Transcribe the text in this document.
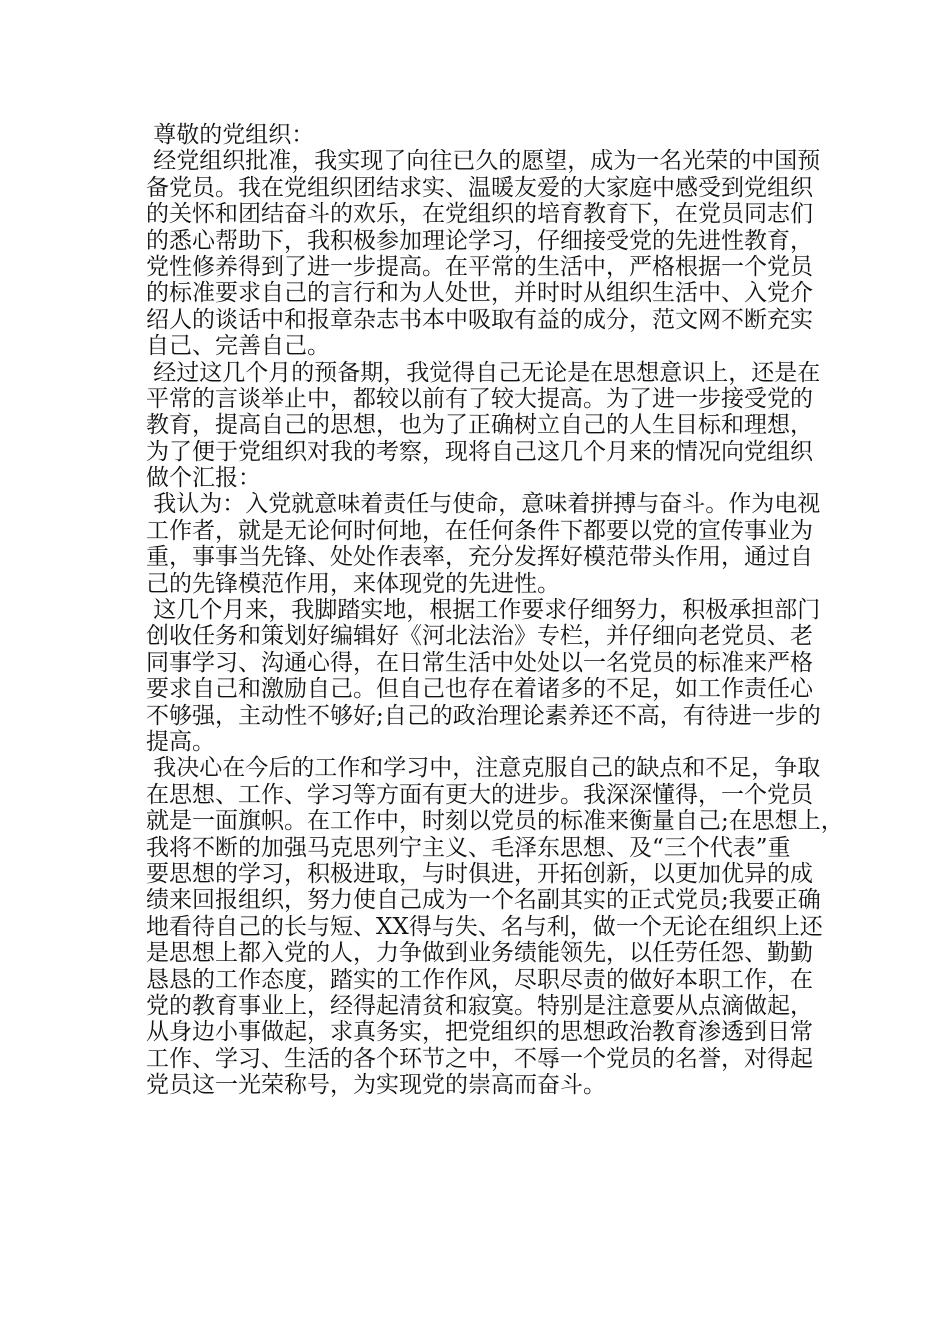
尊敬的党组织：
经党组织批准，我实现了向往已久的愿望，成为一名光荣的中国预
备党员。我在党组织团结求实、温暖友爱的大家庭中感受到党组织
的关怀和团结奋斗的欢乐，在党组织的培育教育下，在党员同志们
的悉心帮助下，我积极参加理论学习，仔细接受党的先进性教育，
党性修养得到了进一步提高。在平常的生活中，严格根据一个党员
的标准要求自己的言行和为人处世，并时时从组织生活中、入党介
绍人的谈话中和报章杂志书本中吸取有益的成分，范文网不断充实
自己、完善自己。
经过这几个月的预备期，我觉得自己无论是在思想意识上，还是在
平常的言谈举止中，都较以前有了较大提高。为了进一步接受党的
教育，提高自己的思想，也为了正确树立自己的人生目标和理想，
为了便于党组织对我的考察，现将自己这几个月来的情况向党组织
做个汇报：
我认为：入党就意味着责任与使命，意味着拼搏与奋斗。作为电视
工作者，就是无论何时何地，在任何条件下都要以党的宣传事业为
重，事事当先锋、处处作表率，充分发挥好模范带头作用，通过自
己的先锋模范作用，来体现党的先进性。
这几个月来，我脚踏实地，根据工作要求仔细努力，积极承担部门
创收任务和策划好编辑好《河北法治》专栏，并仔细向老党员、老
同事学习、沟通心得，在日常生活中处处以一名党员的标准来严格
要求自己和激励自己。但自己也存在着诸多的不足，如工作责任心
不够强，主动性不够好;自己的政治理论素养还不高，有待进一步的
提高。
我决心在今后的工作和学习中，注意克服自己的缺点和不足，争取
在思想、工作、学习等方面有更大的进步。我深深懂得，一个党员
就是一面旗帜。在工作中，时刻以党员的标准来衡量自己;在思想上，
我将不断的加强马克思列宁主义、毛泽东思想、及“三个代表”重
要思想的学习，积极进取，与时俱进，开拓创新，以更加优异的成
绩来回报组织，努力使自己成为一个名副其实的正式党员;我要正确
地看待自己的长与短、XX得与失、名与利，做一个无论在组织上还
是思想上都入党的人，力争做到业务绩能领先，以任劳任怨、勤勤
恳恳的工作态度，踏实的工作作风，尽职尽责的做好本职工作，在
党的教育事业上，经得起清贫和寂寞。特别是注意要从点滴做起，
从身边小事做起，求真务实，把党组织的思想政治教育渗透到日常
工作、学习、生活的各个环节之中，不辱一个党员的名誉，对得起
党员这一光荣称号，为实现党的崇高而奋斗。
